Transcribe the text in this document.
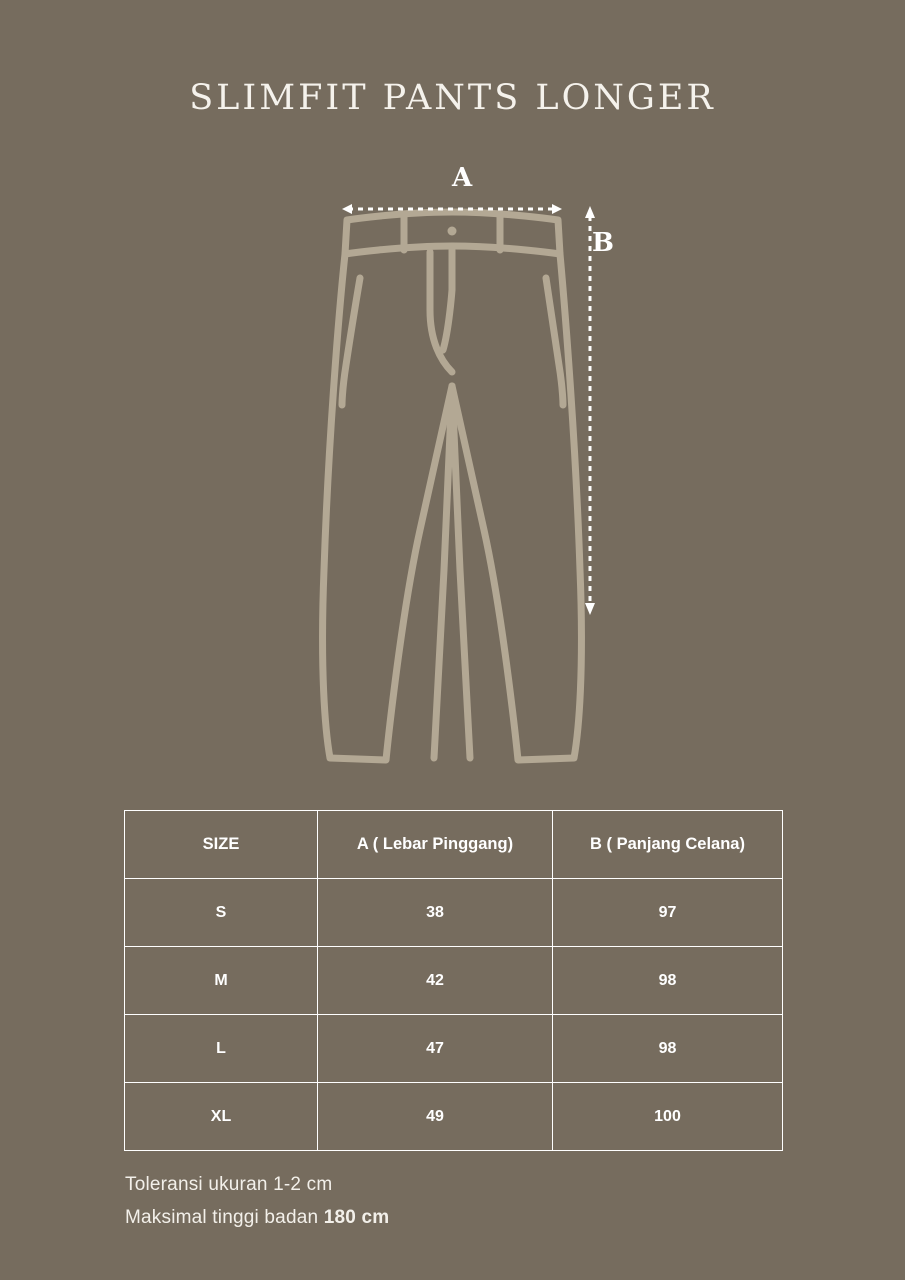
SLIMFIT PANTS LONGER
A
B
SIZE	A ( Lebar Pinggang)	B ( Panjang Celana)
S	38	97
M	42	98
L	47	98
XL	49	100
Toleransi ukuran 1-2 cm
Maksimal tinggi badan 180 cm
